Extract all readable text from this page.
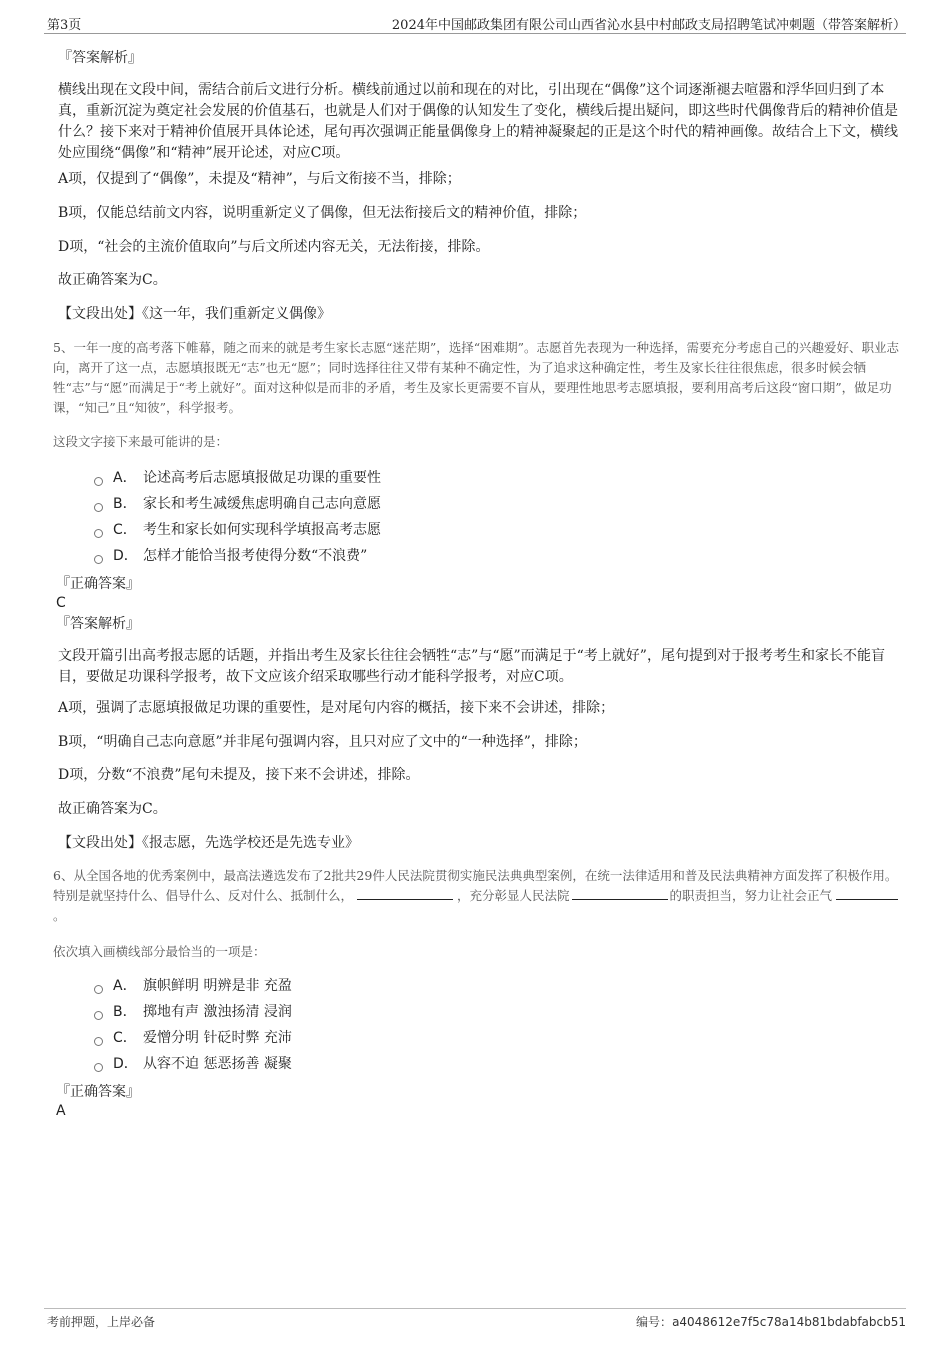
第3页	2024年中国邮政集团有限公司山西省沁水县中村邮政支局招聘笔试冲刺题（带答案解析）
『答案解析』
横线出现在文段中间，需结合前后文进行分析。横线前通过以前和现在的对比，引出现在“偶像”这个词逐渐褪去喧嚣和浮华回归到了本真，重新沉淀为奠定社会发展的价值基石，也就是人们对于偶像的认知发生了变化，横线后提出疑问，即这些时代偶像背后的精神价值是什么？接下来对于精神价值展开具体论述，尾句再次强调正能量偶像身上的精神凝聚起的正是这个时代的精神画像。故结合上下文，横线处应围绕“偶像”和“精神”展开论述，对应C项。
A项，仅提到了“偶像”，未提及“精神”，与后文衔接不当，排除；
B项，仅能总结前文内容，说明重新定义了偶像，但无法衔接后文的精神价值，排除；
D项，“社会的主流价值取向”与后文所述内容无关，无法衔接，排除。
故正确答案为C。
【文段出处】《这一年，我们重新定义偶像》
5、一年一度的高考落下帷幕，随之而来的就是考生家长志愿“迷茫期”，选择“困难期”。志愿首先表现为一种选择，需要充分考虑自己的兴趣爱好、职业志向，离开了这一点，志愿填报既无“志”也无“愿”；同时选择往往又带有某种不确定性，为了追求这种确定性，考生及家长往往很焦虑，很多时候会牺牲“志”与“愿”而满足于“考上就好”。面对这种似是而非的矛盾，考生及家长更需要不盲从，要理性地思考志愿填报，要利用高考后这段“窗口期”，做足功课，“知己”且“知彼”，科学报考。
这段文字接下来最可能讲的是：
A． 论述高考后志愿填报做足功课的重要性
B． 家长和考生减缓焦虑明确自己志向意愿
C． 考生和家长如何实现科学填报高考志愿
D． 怎样才能恰当报考使得分数“不浪费”
『正确答案』
C
『答案解析』
文段开篇引出高考报志愿的话题，并指出考生及家长往往会牺牲“志”与“愿”而满足于“考上就好”，尾句提到对于报考考生和家长不能盲目，要做足功课科学报考，故下文应该介绍采取哪些行动才能科学报考，对应C项。
A项，强调了志愿填报做足功课的重要性，是对尾句内容的概括，接下来不会讲述，排除；
B项，“明确自己志向意愿”并非尾句强调内容，且只对应了文中的“一种选择”，排除；
D项，分数“不浪费”尾句未提及，接下来不会讲述，排除。
故正确答案为C。
【文段出处】《报志愿，先选学校还是先选专业》
6、从全国各地的优秀案例中，最高法遴选发布了2批共29件人民法院贯彻实施民法典典型案例，在统一法律适用和普及民法典精神方面发挥了积极作用。特别是就坚持什么、倡导什么、反对什么、抵制什么，	，充分彰显人民法院	的职责担当，努力让社会正气。
依次填入画横线部分最恰当的一项是：
A． 旗帜鲜明 明辨是非 充盈
B． 掷地有声 激浊扬清 浸润
C． 爱憎分明 针砭时弊 充沛
D． 从容不迫 惩恶扬善 凝聚
『正确答案』
A
考前押题，上岸必备	编号：a4048612e7f5c78a14b81bdabfabcb51
